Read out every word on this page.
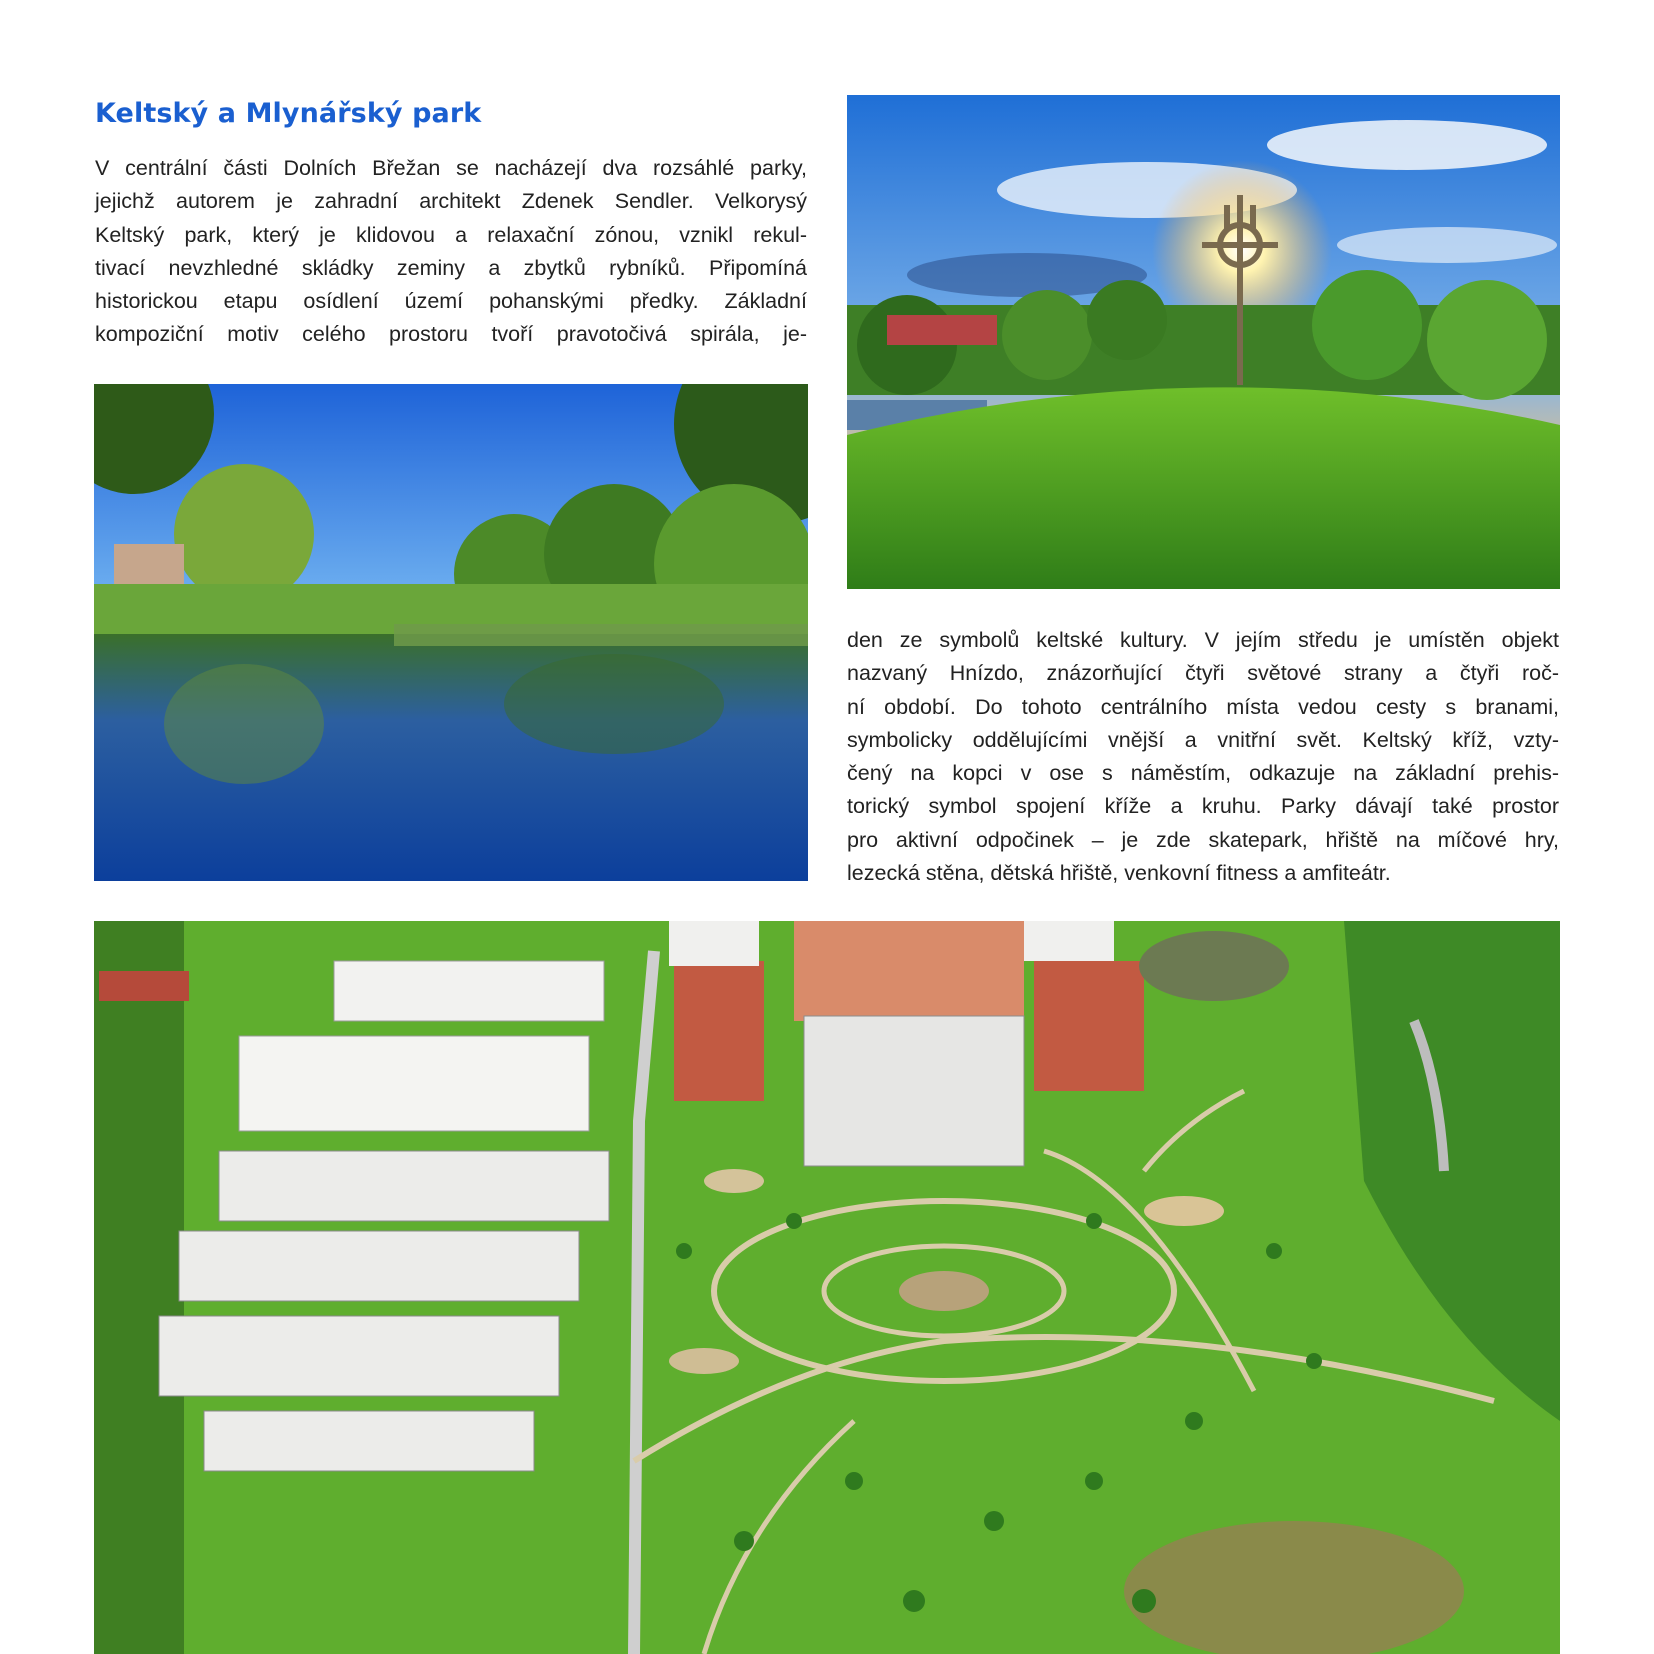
Keltský a Mlynářský park

V centrální části Dolních Břežan se nacházejí dva rozsáhlé parky,
jejichž autorem je zahradní architekt Zdenek Sendler. Velkorysý
Keltský park, který je klidovou a relaxační zónou, vznikl rekul-
tivací nevzhledné skládky zeminy a zbytků rybníků. Připomíná
historickou etapu osídlení území pohanskými předky. Základní
kompoziční motiv celého prostoru tvoří pravotočivá spirála, je-

den ze symbolů keltské kultury. V jejím středu je umístěn objekt
nazvaný Hnízdo, znázorňující čtyři světové strany a čtyři roč-
ní období. Do tohoto centrálního místa vedou cesty s branami,
symbolicky oddělujícími vnější a vnitřní svět. Keltský kříž, vzty-
čený na kopci v ose s náměstím, odkazuje na základní prehis-
torický symbol spojení kříže a kruhu. Parky dávají také prostor
pro aktivní odpočinek – je zde skatepark, hřiště na míčové hry,
lezecká stěna, dětská hřiště, venkovní fitness a amfiteátr.
